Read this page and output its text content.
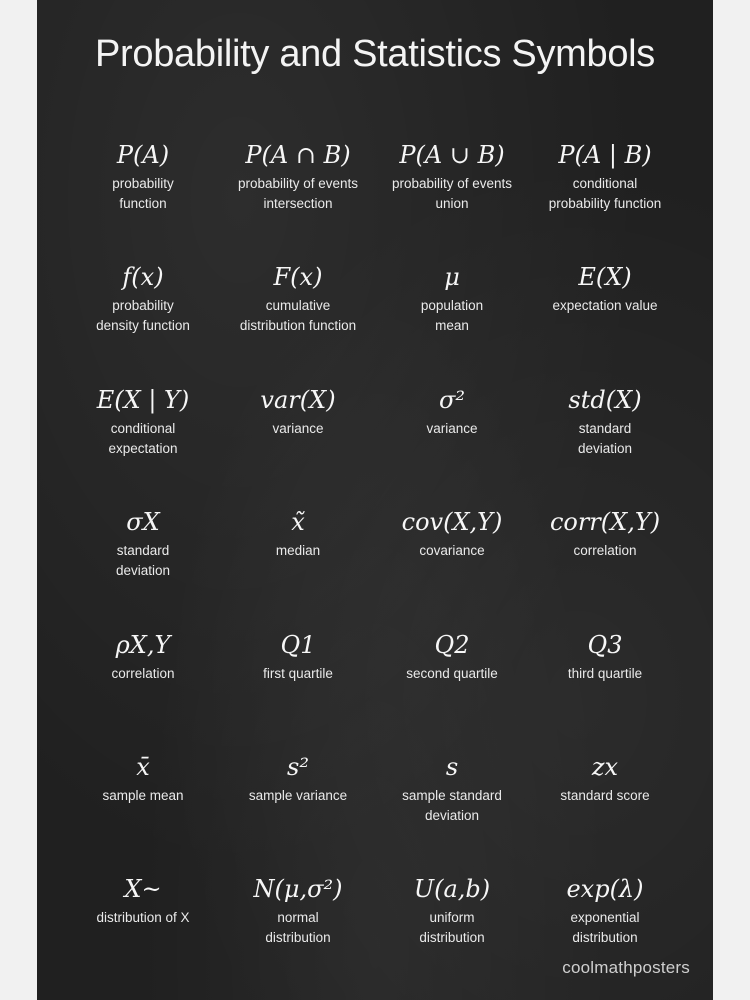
Probability and Statistics Symbols
P(A)
probability
function
P(A ∩ B)
probability of events
intersection
P(A ∪ B)
probability of events
union
P(A | B)
conditional
probability function
f(x)
probability
density function
F(x)
cumulative
distribution function
μ
population
mean
E(X)
expectation value
E(X | Y)
conditional
expectation
var(X)
variance
σ²
variance
std(X)
standard
deviation
σX
standard
deviation
x̃
median
cov(X,Y)
covariance
corr(X,Y)
correlation
ρX,Y
correlation
Q1
first quartile
Q2
second quartile
Q3
third quartile
x̄
sample mean
s²
sample variance
s
sample standard
deviation
zx
standard score
X~
distribution of X
N(μ,σ²)
normal
distribution
U(a,b)
uniform
distribution
exp(λ)
exponential
distribution
coolmathposters
